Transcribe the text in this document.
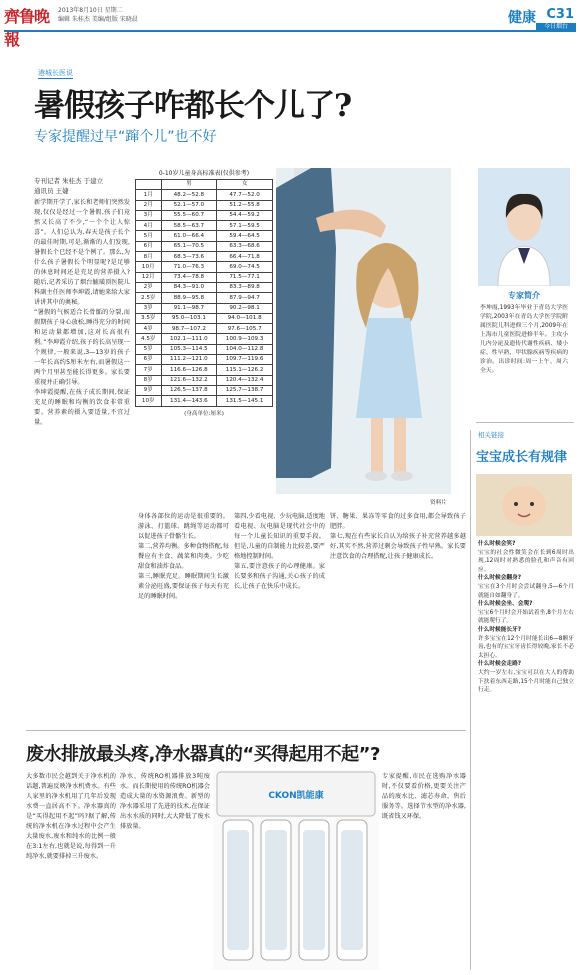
齊鲁晚報
2013年8月10日 星期二
编辑 朱桂杰 美编/组版 宋晓晨	健康 C31
今日烟台
港城长医说
暑假孩子咋都长个儿了?
专家提醒过早“蹿个儿”也不好
专刊记者 朱桂杰 于建立
通讯员 王婕
新学期开学了,家长和老师们突然发现,仅仅是经过一个暑假,孩子们竟然又长高了不少,“一个个让人惊喜”。人们总认为,春天是孩子长个的最佳时期,可是,渐渐的人们发现,暑假长个已经不是个例了。那么,为什么孩子暑假长个明显呢?是足够的休息时间还是充足的营养摄入?随后,记者采访了烟台毓璜顶医院儿科副主任医师李坤霞,请她来给大家讲讲其中的奥秘。
“暑假的气候适合长骨骺的分裂,而假期孩子身心放松,睡得充分的时间和运动量都增加,这对长高很有利。”李坤霞介绍,孩子的长高呈现一个规律,一般来说,3—13岁的孩子一年长高约5厘米左右,而暑假这一两个月里甚至能长得更多。家长要重视并正确引导。
李坤霞提醒,在孩子成长期间,保证充足的睡眠和均衡的饮食非常重要。营养素的摄入要适量,不宜过量。
0-10岁儿童身高标准表(仅供参考)
	男	女
1月	48.2—52.8	47.7—52.0
2月	52.1—57.0	51.2—55.8
3月	55.5—60.7	54.4—59.2
4月	58.5—63.7	57.1—59.5
5月	61.0—66.4	59.4—64.5
6月	65.1—70.5	63.3—68.6
8月	68.3—73.6	66.4—71.8
10月	71.0—76.3	69.0—74.5
12月	73.4—78.8	71.5—77.1
2岁	84.3—91.0	83.3—89.8
2.5岁	88.9—95.8	87.9—94.7
3岁	91.1—98.7	90.2—98.1
3.5岁	95.0—103.1	94.0—101.8
4岁	98.7—107.2	97.6—105.7
4.5岁	102.1—111.0	100.9—109.3
5岁	105.3—114.5	104.0—112.8
6岁	111.2—121.0	109.7—119.6
7岁	116.6—126.8	115.1—126.2
8岁	121.6—132.2	120.4—132.4
9岁	126.5—137.8	125.7—138.7
10岁	131.4—143.6	131.5—145.1
(身高单位:厘米)
资料片
身体各部位的运动是很重要的。游泳、打篮球、跳绳等运动都可以促进孩子骨骼生长。
第二,营养均衡。多种食物搭配,每餐应有主食、蔬菜和肉类。少吃甜食和油炸食品。
第三,睡眠充足。睡眠期间生长激素分泌旺盛,要保证孩子每天有充足的睡眠时间。
第四,少看电视、少玩电脑,适度地看电视、玩电脑是现代社会中的每一个儿童长知识的重要手段。但是,儿童的自制能力比较差,要严格地控制时间。
第五,要注意孩子的心理健康。家长要多和孩子沟通,关心孩子的成长,让孩子在快乐中成长。
饼、糖果、果冻等零食的过多食用,都会导致孩子肥胖。
第七,现在有些家长自认为给孩子补充营养越多越好,其实不然,营养过剩会导致孩子性早熟。家长要注意饮食的合理搭配,让孩子健康成长。
专家简介
李坤霞,1993年毕业于青岛大学医学院,2003年在青岛大学医学院附属医院儿科进修三个月,2009年在上海市儿童医院进修半年。主攻小儿内分泌及遗传代谢性疾病、矮小症、性早熟、甲状腺疾病等疾病的诊治。出诊时间:周一上午、周六全天。
相关链接
宝宝成长有规律
什么时候会笑?
宝宝的社会性微笑会在长到6周时出现,12周时对熟悉的脸孔和声音有回应。
什么时候会翻身?
宝宝在3个月时会尝试翻身,5—6个月就能自如翻身了。
什么时候会坐、会爬?
宝宝6个月时会开始试着坐,8个月左右就能爬行了。
什么时候能长牙?
许多宝宝在12个月时能长出6—8颗牙齿,也有的宝宝牙齿长得较晚,家长不必太担心。
什么时候会走路?
大约一岁左右,宝宝可以在大人的帮助下扶着东西走路,15个月时能自己独立行走。
废水排放最头疼,净水器真的“买得起用不起”?
大多数市民会越到关于净水机的话题,普遍反映净水机费水。有些人家里的净水机用了几年后发现水费一直居高不下。净水器真的是“买得起用不起”吗?据了解,传统的净水机在净水过程中会产生大量废水,废水和纯水的比例一般在3:1左右,也就是说,每得到一升纯净水,就要排掉三升废水。
净水、传统RO机器排放3吨废水。而长期使用的传统RO机器会造成大量的水资源浪费。新型的净水器采用了先进的技术,在保证出水水质的同时,大大降低了废水排放量。
专家提醒,市民在选购净水器时,不仅要看价格,更要关注产品的废水比、滤芯寿命、售后服务等。选择节水型的净水器,既省钱又环保。
CKON凯能康
